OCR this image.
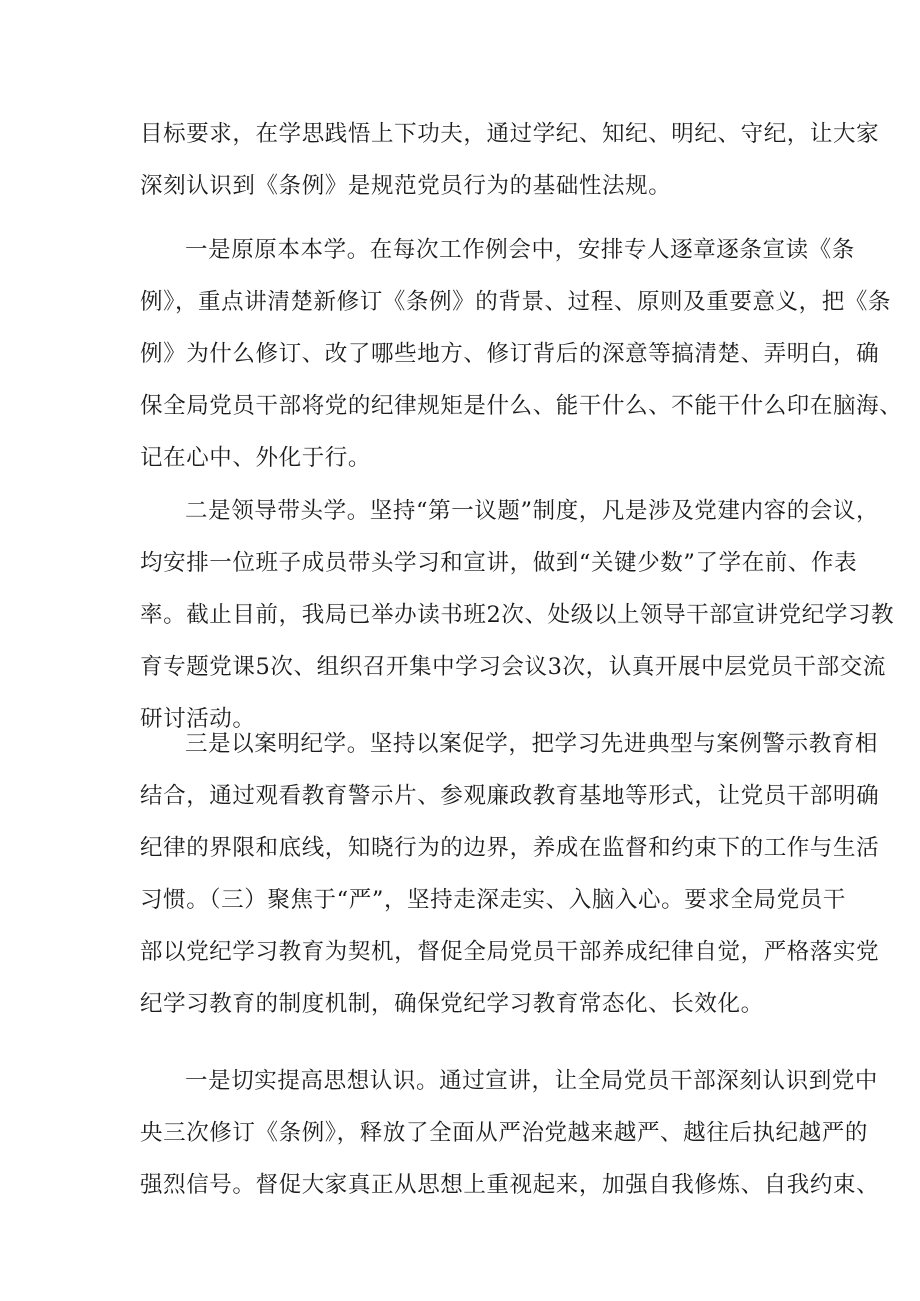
目标要求，在学思践悟上下功夫，通过学纪、知纪、明纪、守纪，让大家
深刻认识到《条例》是规范党员行为的基础性法规。
一是原原本本学。在每次工作例会中，安排专人逐章逐条宣读《条
例》，重点讲清楚新修订《条例》的背景、过程、原则及重要意义，把《条
例》为什么修订、改了哪些地方、修订背后的深意等搞清楚、弄明白，确
保全局党员干部将党的纪律规矩是什么、能干什么、不能干什么印在脑海、
记在心中、外化于行。
二是领导带头学。坚持“第一议题”制度，凡是涉及党建内容的会议，
均安排一位班子成员带头学习和宣讲，做到“关键少数”了学在前、作表
率。截止目前，我局已举办读书班2次、处级以上领导干部宣讲党纪学习教
育专题党课5次、组织召开集中学习会议3次，认真开展中层党员干部交流
研讨活动。
三是以案明纪学。坚持以案促学，把学习先进典型与案例警示教育相
结合，通过观看教育警示片、参观廉政教育基地等形式，让党员干部明确
纪律的界限和底线，知晓行为的边界，养成在监督和约束下的工作与生活
习惯。（三）聚焦于“严”，坚持走深走实、入脑入心。要求全局党员干
部以党纪学习教育为契机，督促全局党员干部养成纪律自觉，严格落实党
纪学习教育的制度机制，确保党纪学习教育常态化、长效化。
一是切实提高思想认识。通过宣讲，让全局党员干部深刻认识到党中
央三次修订《条例》，释放了全面从严治党越来越严、越往后执纪越严的
强烈信号。督促大家真正从思想上重视起来，加强自我修炼、自我约束、
